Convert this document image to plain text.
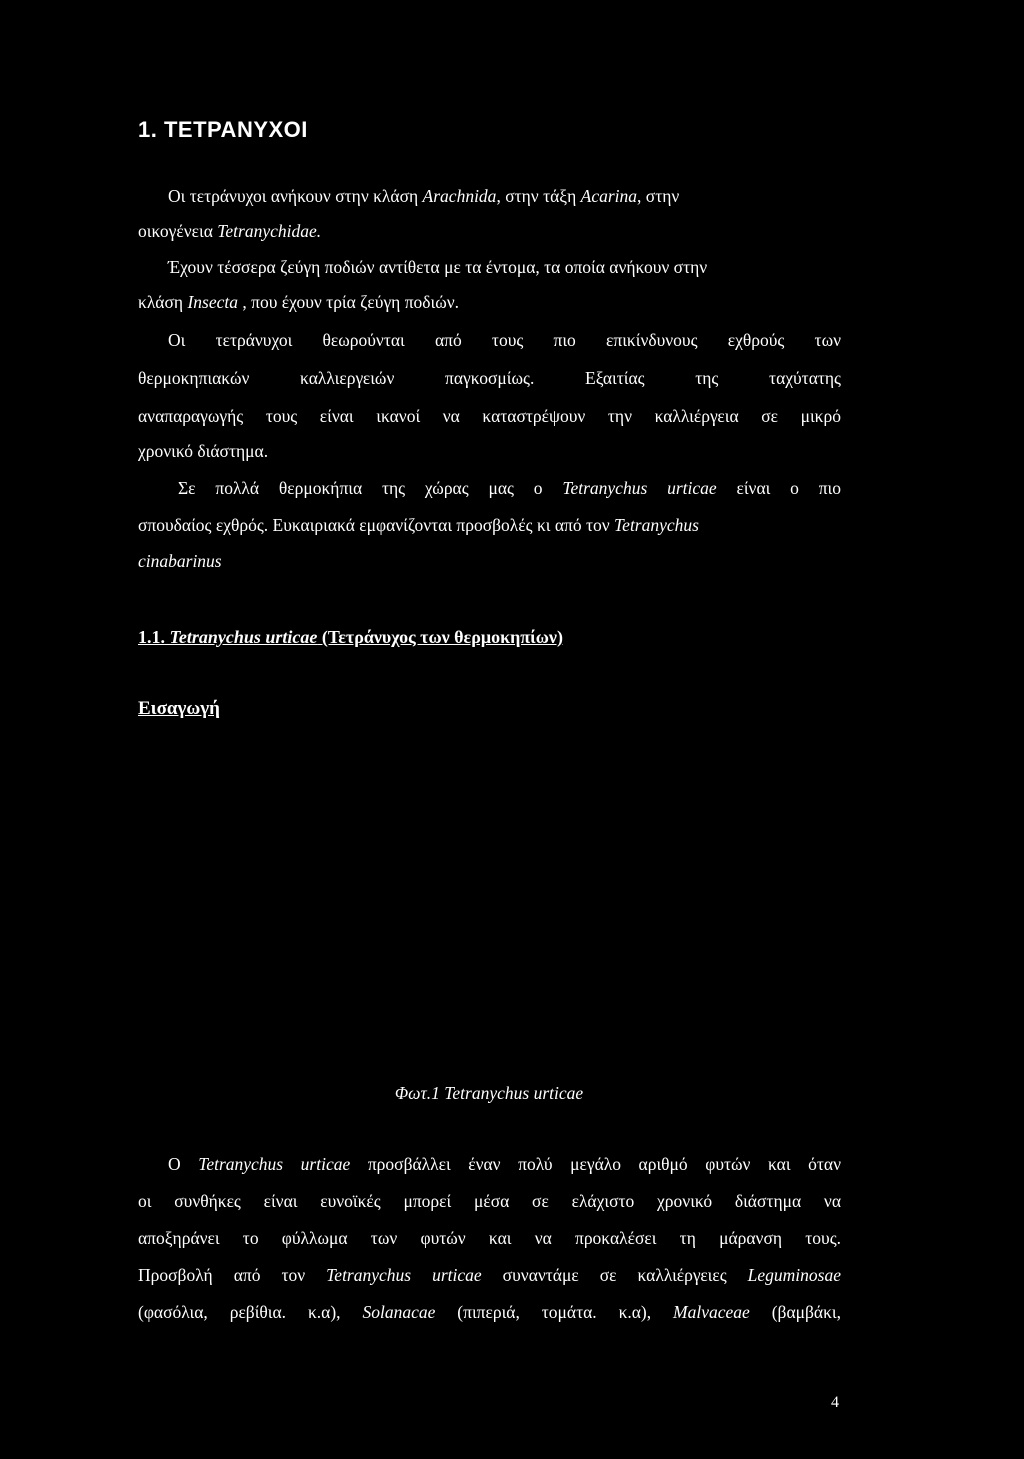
1. ΤΕΤΡΑΝΥΧΟΙ
Οι τετράνυχοι ανήκουν στην κλάση Arachnida, στην τάξη Acarina, στην
οικογένεια Tetranychidae.
Έχουν τέσσερα ζεύγη ποδιών αντίθετα με τα έντομα, τα οποία ανήκουν στην
κλάση Insecta , που έχουν τρία ζεύγη ποδιών.
Οι τετράνυχοι θεωρούνται από τους πιο επικίνδυνους εχθρούς των
θερμοκηπιακών καλλιεργειών παγκοσμίως. Εξαιτίας της ταχύτατης
αναπαραγωγής τους είναι ικανοί να καταστρέψουν την καλλιέργεια σε μικρό
χρονικό διάστημα.
Σε πολλά θερμοκήπια της χώρας μας ο Tetranychus urticae είναι ο πιο
σπουδαίος εχθρός. Ευκαιριακά εμφανίζονται προσβολές κι από τον Tetranychus
cinabarinus
1.1. Tetranychus urticae (Τετράνυχος των θερμοκηπίων)
Εισαγωγή
Φωτ.1 Tetranychus urticae
Ο Tetranychus urticae προσβάλλει έναν πολύ μεγάλο αριθμό φυτών και όταν
οι συνθήκες είναι ευνοϊκές μπορεί μέσα σε ελάχιστο χρονικό διάστημα να
αποξηράνει το φύλλωμα των φυτών και να προκαλέσει τη μάρανση τους.
Προσβολή από τον Tetranychus urticae συναντάμε σε καλλιέργειες Leguminosae
(φασόλια, ρεβίθια. κ.α), Solanacae (πιπεριά, τομάτα. κ.α), Malvaceae (βαμβάκι,
4
